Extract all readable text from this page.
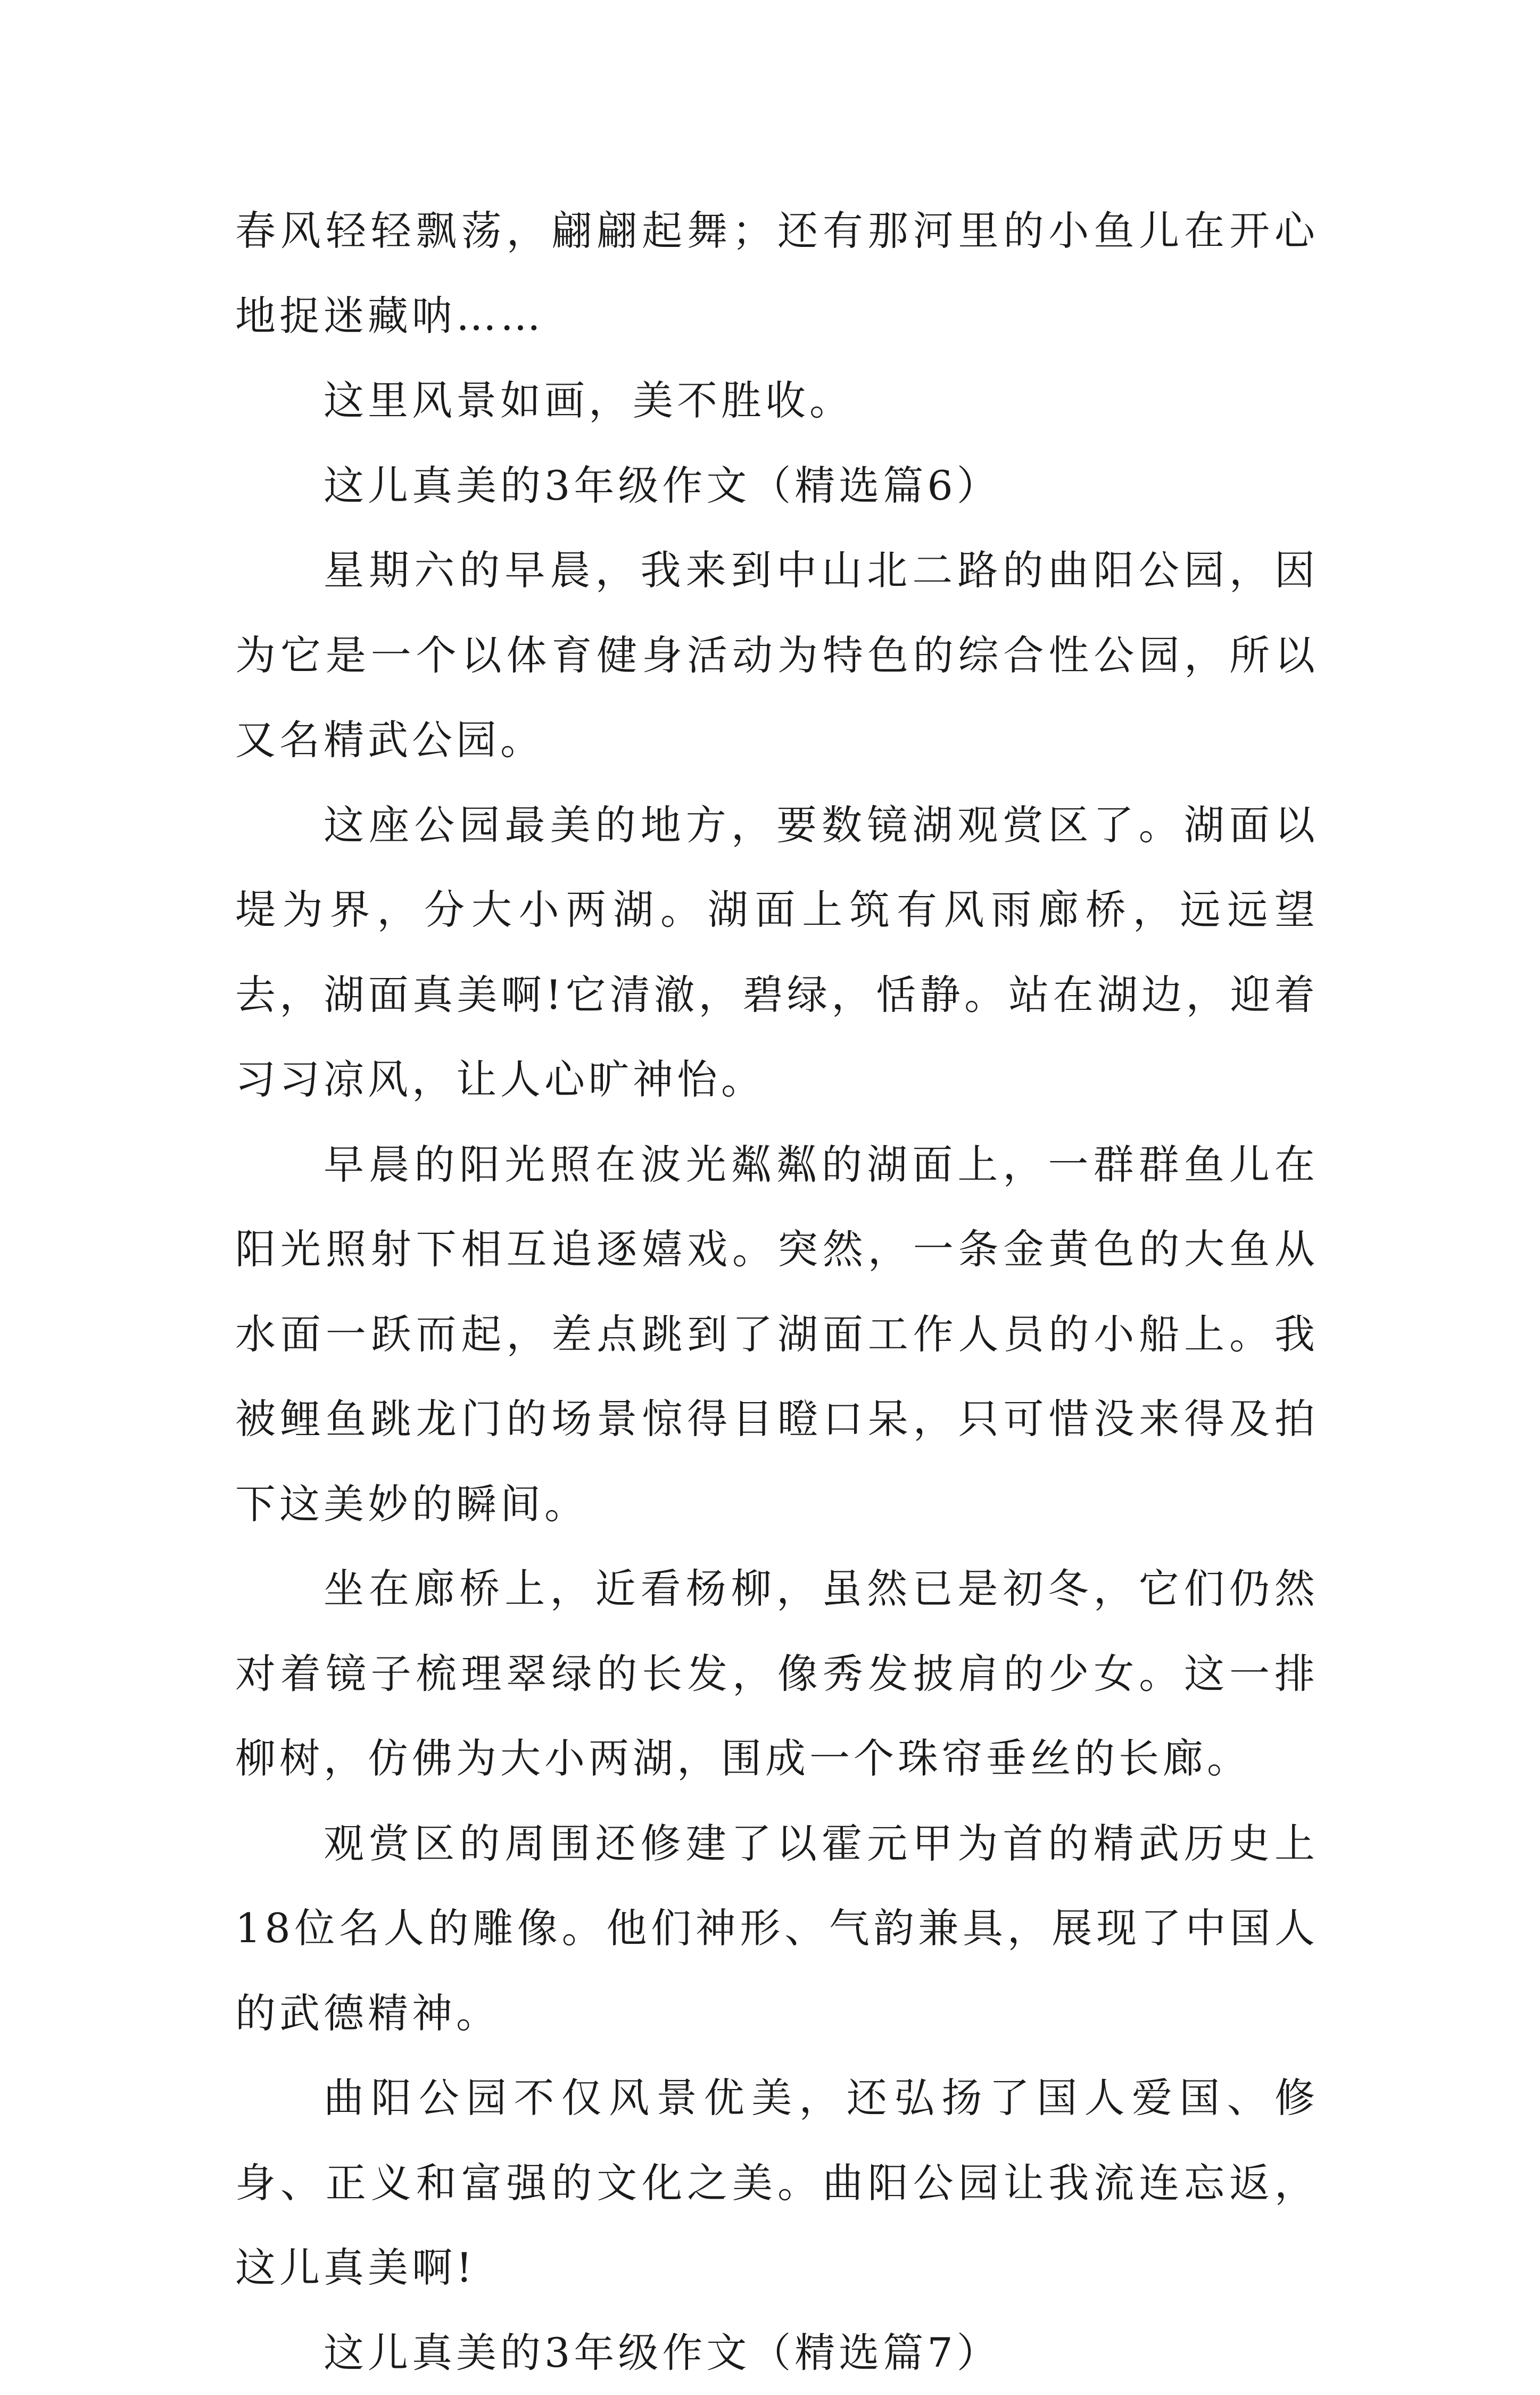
春风轻轻飘荡，翩翩起舞；还有那河里的小鱼儿在开心地捉迷藏呐……

这里风景如画，美不胜收。

这儿真美的3年级作文（精选篇6）

星期六的早晨，我来到中山北二路的曲阳公园，因为它是一个以体育健身活动为特色的综合性公园，所以又名精武公园。

这座公园最美的地方，要数镜湖观赏区了。湖面以堤为界，分大小两湖。湖面上筑有风雨廊桥，远远望去，湖面真美啊!它清澈，碧绿，恬静。站在湖边，迎着习习凉风，让人心旷神怡。

早晨的阳光照在波光粼粼的湖面上，一群群鱼儿在阳光照射下相互追逐嬉戏。突然，一条金黄色的大鱼从水面一跃而起，差点跳到了湖面工作人员的小船上。我被鲤鱼跳龙门的场景惊得目瞪口呆，只可惜没来得及拍下这美妙的瞬间。

坐在廊桥上，近看杨柳，虽然已是初冬，它们仍然对着镜子梳理翠绿的长发，像秀发披肩的少女。这一排柳树，仿佛为大小两湖，围成一个珠帘垂丝的长廊。

观赏区的周围还修建了以霍元甲为首的精武历史上18位名人的雕像。他们神形、气韵兼具，展现了中国人的武德精神。

曲阳公园不仅风景优美，还弘扬了国人爱国、修身、正义和富强的文化之美。曲阳公园让我流连忘返，这儿真美啊!

这儿真美的3年级作文（精选篇7）
